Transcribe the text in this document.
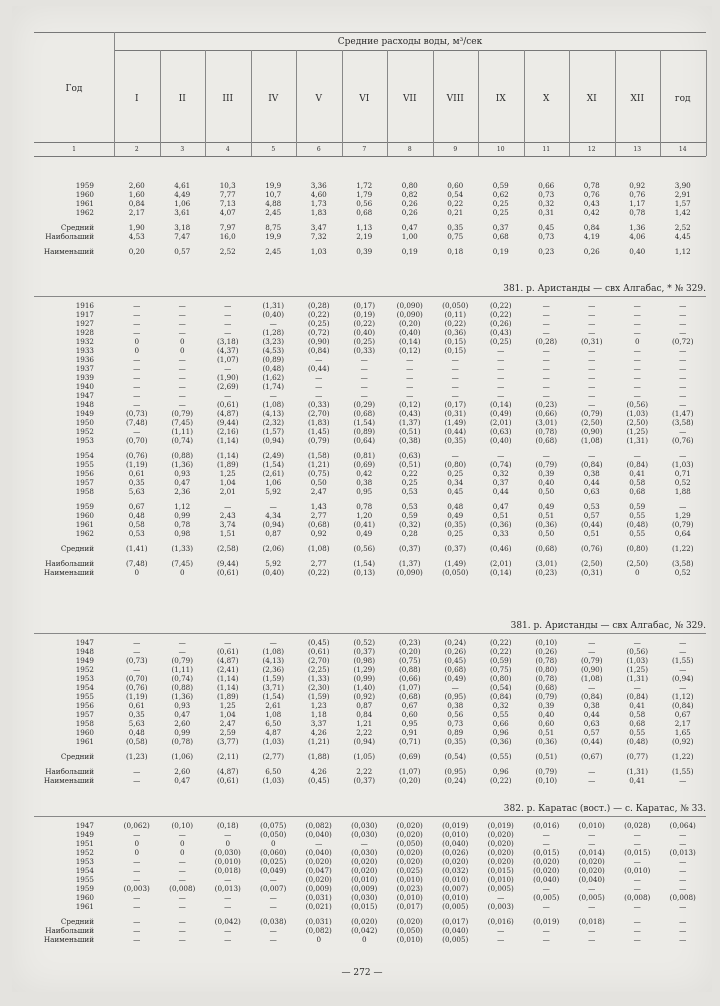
Год
Средние расходы воды, м³/сек
I	II	III	IV	V	VI	VII	VIII	IX	X	XI	XII	год
1	2	3	4	5	6	7	8	9	10	11	12	13	14
1959	2,60	4,61	10,3	19,9	3,36	1,72	0,80	0,60	0,59	0,66	0,78	0,92	3,90
1960	1,60	4,49	7,77	10,7	4,60	1,79	0,82	0,54	0,62	0,73	0,76	0,76	2,91
1961	0,84	1,06	7,13	4,88	1,73	0,56	0,26	0,22	0,25	0,32	0,43	1,17	1,57
1962	2,17	3,61	4,07	2,45	1,83	0,68	0,26	0,21	0,25	0,31	0,42	0,78	1,42
Средний	1,90	3,18	7,97	8,75	3,47	1,13	0,47	0,35	0,37	0,45	0,84	1,36	2,52
Наибольший	4,53	7,47	16,0	19,9	7,32	2,19	1,00	0,75	0,68	0,73	4,19	4,06	4,45
Наименьший	0,20	0,57	2,52	2,45	1,03	0,39	0,19	0,18	0,19	0,23	0,26	0,40	1,12
381. р. Аристанды — свх Алгабас, * № 329.
1916	—	—	—	(1,31)	(0,28)	(0,17)	(0,090)	(0,050)	(0,22)	—	—	—	—
1917	—	—	—	(0,40)	(0,22)	(0,19)	(0,090)	(0,11)	(0,22)	—	—	—	—
1927	—	—	—	—	(0,25)	(0,22)	(0,20)	(0,22)	(0,26)	—	—	—	—
1928	—	—	—	(1,28)	(0,72)	(0,40)	(0,40)	(0,36)	(0,43)	—	—	—	—
1932	0	0	(3,18)	(3,23)	(0,90)	(0,25)	(0,14)	(0,15)	(0,25)	(0,28)	(0,31)	0	(0,72)
1933	0	0	(4,37)	(4,53)	(0,84)	(0,33)	(0,12)	(0,15)	—	—	—	—	—
1936	—	—	(1,07)	(0,89)	—	—	—	—	—	—	—	—	—
1937	—	—	—	(0,48)	(0,44)	—	—	—	—	—	—	—	—
1939	—	—	(1,90)	(1,62)	—	—	—	—	—	—	—	—	—
1940	—	—	(2,69)	(1,74)	—	—	—	—	—	—	—	—	—
1947	—	—	—	—	—	—	—	—	—	—	—	—	—
1948	—	—	(0,61)	(1,08)	(0,33)	(0,29)	(0,12)	(0,17)	(0,14)	(0,23)	—	(0,56)	—
1949	(0,73)	(0,79)	(4,87)	(4,13)	(2,70)	(0,68)	(0,43)	(0,31)	(0,49)	(0,66)	(0,79)	(1,03)	(1,47)
1950	(7,48)	(7,45)	(9,44)	(2,32)	(1,83)	(1,54)	(1,37)	(1,49)	(2,01)	(3,01)	(2,50)	(2,50)	(3,58)
1952	—	(1,11)	(2,16)	(1,57)	(1,45)	(0,89)	(0,51)	(0,44)	(0,63)	(0,78)	(0,90)	(1,25)	—
1953	(0,70)	(0,74)	(1,14)	(0,94)	(0,79)	(0,64)	(0,38)	(0,35)	(0,40)	(0,68)	(1,08)	(1,31)	(0,76)
1954	(0,76)	(0,88)	(1,14)	(2,49)	(1,58)	(0,81)	(0,63)	—	—	—	—	—	—
1955	(1,19)	(1,36)	(1,89)	(1,54)	(1,21)	(0,69)	(0,51)	(0,80)	(0,74)	(0,79)	(0,84)	(0,84)	(1,03)
1956	0,61	0,93	1,25	(2,61)	(0,75)	0,42	0,22	0,25	0,32	0,39	0,38	0,41	0,71
1957	0,35	0,47	1,04	1,06	0,50	0,38	0,25	0,34	0,37	0,40	0,44	0,58	0,52
1958	5,63	2,36	2,01	5,92	2,47	0,95	0,53	0,45	0,44	0,50	0,63	0,68	1,88
1959	0,67	1,12	—	—	1,43	0,78	0,53	0,48	0,47	0,49	0,53	0,59	—
1960	0,48	0,99	2,43	4,34	2,77	1,20	0,59	0,49	0,51	0,51	0,57	0,55	1,29
1961	0,58	0,78	3,74	(0,94)	(0,68)	(0,41)	(0,32)	(0,35)	(0,36)	(0,36)	(0,44)	(0,48)	(0,79)
1962	0,53	0,98	1,51	0,87	0,92	0,49	0,28	0,25	0,33	0,50	0,51	0,55	0,64
Средний	(1,41)	(1,33)	(2,58)	(2,06)	(1,08)	(0,56)	(0,37)	(0,37)	(0,46)	(0,68)	(0,76)	(0,80)	(1,22)
Наибольший	(7,48)	(7,45)	(9,44)	5,92	2,77	(1,54)	(1,37)	(1,49)	(2,01)	(3,01)	(2,50)	(2,50)	(3,58)
Наименьший	0	0	(0,61)	(0,40)	(0,22)	(0,13)	(0,090)	(0,050)	(0,14)	(0,23)	(0,31)	0	0,52
381. р. Аристанды — свх Алгабас, № 329.
1947	—	—	—	—	(0,45)	(0,52)	(0,23)	(0,24)	(0,22)	(0,10)	—	—	—
1948	—	—	(0,61)	(1,08)	(0,61)	(0,37)	(0,20)	(0,26)	(0,22)	(0,26)	—	(0,56)	—
1949	(0,73)	(0,79)	(4,87)	(4,13)	(2,70)	(0,98)	(0,75)	(0,45)	(0,59)	(0,78)	(0,79)	(1,03)	(1,55)
1952	—	(1,11)	(2,41)	(2,36)	(2,25)	(1,29)	(0,88)	(0,68)	(0,75)	(0,80)	(0,90)	(1,25)	—
1953	(0,70)	(0,74)	(1,14)	(1,59)	(1,33)	(0,99)	(0,66)	(0,49)	(0,80)	(0,78)	(1,08)	(1,31)	(0,94)
1954	(0,76)	(0,88)	(1,14)	(3,71)	(2,30)	(1,40)	(1,07)	—	(0,54)	(0,68)	—	—	—
1955	(1,19)	(1,36)	(1,89)	(1,54)	(1,59)	(0,92)	(0,68)	(0,95)	(0,84)	(0,79)	(0,84)	(0,84)	(1,12)
1956	0,61	0,93	1,25	2,61	1,23	0,87	0,67	0,38	0,32	0,39	0,38	0,41	(0,84)
1957	0,35	0,47	1,04	1,08	1,18	0,84	0,60	0,56	0,55	0,40	0,44	0,58	0,67
1958	5,63	2,60	2,47	6,50	3,37	1,21	0,95	0,73	0,66	0,60	0,63	0,68	2,17
1960	0,48	0,99	2,59	4,87	4,26	2,22	0,91	0,89	0,96	0,51	0,57	0,55	1,65
1961	(0,58)	(0,78)	(3,77)	(1,03)	(1,21)	(0,94)	(0,71)	(0,35)	(0,36)	(0,36)	(0,44)	(0,48)	(0,92)
Средний	(1,23)	(1,06)	(2,11)	(2,77)	(1,88)	(1,05)	(0,69)	(0,54)	(0,55)	(0,51)	(0,67)	(0,77)	(1,22)
Наибольший	—	2,60	(4,87)	6,50	4,26	2,22	(1,07)	(0,95)	0,96	(0,79)	—	(1,31)	(1,55)
Наименьший	—	0,47	(0,61)	(1,03)	(0,45)	(0,37)	(0,20)	(0,24)	(0,22)	(0,10)	—	0,41	—
382. р. Каратас (вост.) — с. Каратас, № 33.
1947	(0,062)	(0,10)	(0,18)	(0,075)	(0,082)	(0,030)	(0,020)	(0,019)	(0,019)	(0,016)	(0,010)	(0,028)	(0,064)
1949	—	—	—	(0,050)	(0,040)	(0,030)	(0,020)	(0,010)	(0,020)	—	—	—	—
1951	0	0	0	0	—	—	(0,050)	(0,040)	(0,020)	—	—	—	—
1952	0	0	(0,030)	(0,060)	(0,040)	(0,030)	(0,020)	(0,026)	(0,020)	(0,015)	(0,014)	(0,015)	(0,013)
1953	—	—	(0,010)	(0,025)	(0,020)	(0,020)	(0,020)	(0,020)	(0,020)	(0,020)	(0,020)	—	—
1954	—	—	(0,018)	(0,049)	(0,047)	(0,020)	(0,025)	(0,032)	(0,015)	(0,020)	(0,020)	(0,010)	—
1955	—	—	—	—	(0,020)	(0,010)	(0,010)	(0,010)	(0,010)	(0,040)	(0,040)	—	—
1959	(0,003)	(0,008)	(0,013)	(0,007)	(0,009)	(0,009)	(0,023)	(0,007)	(0,005)	—	—	—	—
1960	—	—	—	—	(0,031)	(0,030)	(0,010)	(0,010)	—	(0,005)	(0,005)	(0,008)	(0,008)
1961	—	—	—	—	(0,021)	(0,015)	(0,017)	(0,005)	(0,003)	—	—	—	—
Средний	—	—	(0,042)	(0,038)	(0,031)	(0,020)	(0,020)	(0,017)	(0,016)	(0,019)	(0,018)	—	—
Наибольший	—	—	—	—	(0,082)	(0,042)	(0,050)	(0,040)	—	—	—	—	—
Наименьший	—	—	—	—	0	0	(0,010)	(0,005)	—	—	—	—	—
— 272 —
